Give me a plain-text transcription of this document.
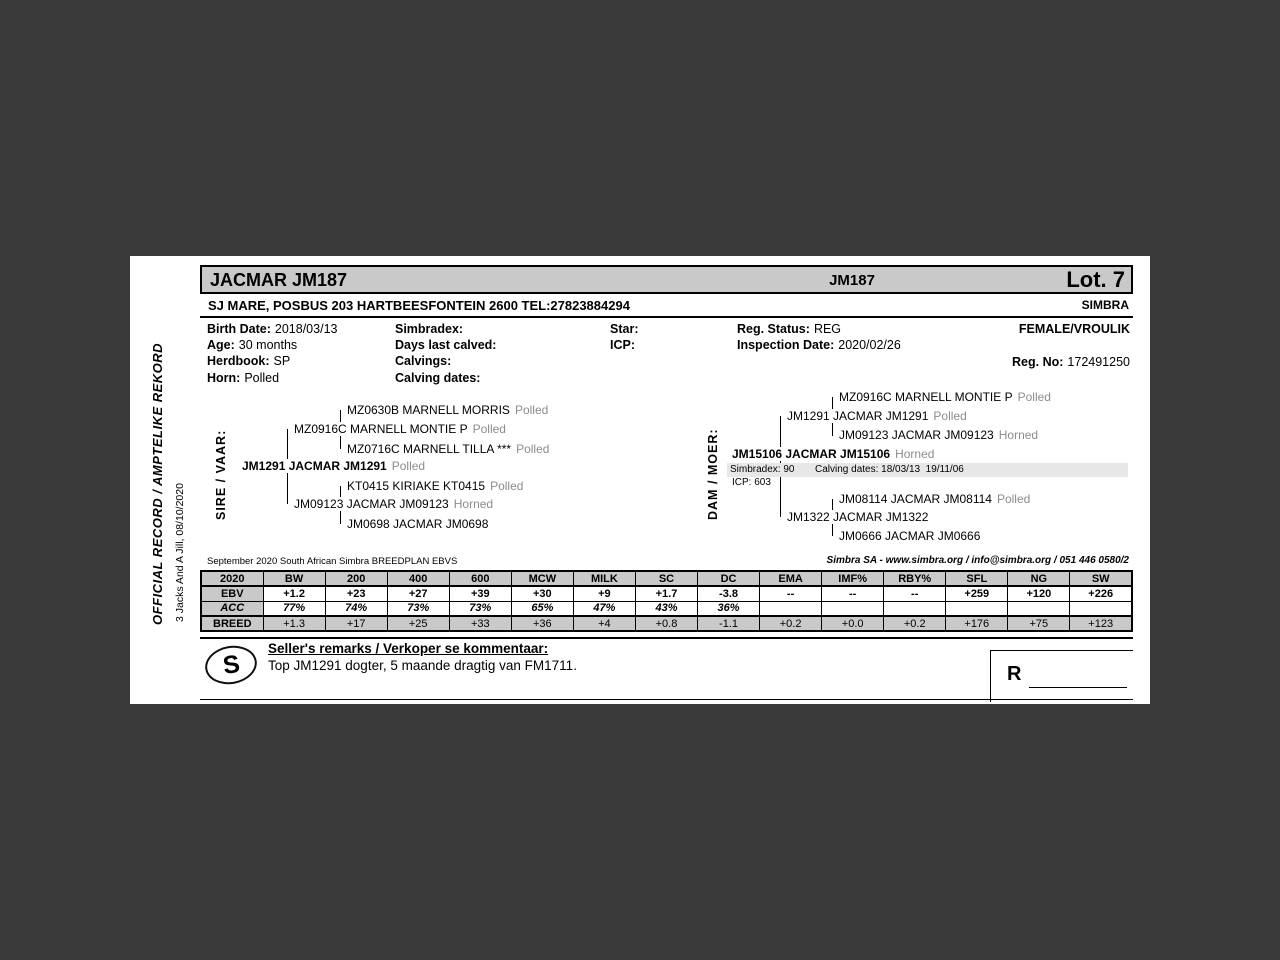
OFFICIAL RECORD / AMPTELIKE REKORD 3 Jacks And A Jill, 08/10/2020
JACMAR JM187	JM187	Lot. 7
SJ MARE, POSBUS 203 HARTBEESFONTEIN 2600 TEL:27823884294	SIMBRA
Birth Date: 2018/03/13
Age: 30 months
Herdbook: SP
Horn: Polled
Simbradex:
Days last calved:
Calvings:
Calving dates:
Star:
ICP:
Reg. Status: REG
Inspection Date: 2020/02/26
FEMALE/VROULIK
Reg. No: 172491250
SIRE / VAAR:
MZ0630B MARNELL MORRIS Polled
MZ0916C MARNELL MONTIE P Polled
MZ0716C MARNELL TILLA *** Polled
JM1291 JACMAR JM1291 Polled
KT0415 KIRIAKE KT0415 Polled
JM09123 JACMAR JM09123 Horned
JM0698 JACMAR JM0698
DAM / MOER:
MZ0916C MARNELL MONTIE P Polled
JM1291 JACMAR JM1291 Polled
JM09123 JACMAR JM09123 Horned
JM15106 JACMAR JM15106 Horned
Simbradex: 90 Calving dates: 18/03/13  19/11/06
ICP: 603
JM08114 JACMAR JM08114 Polled
JM1322 JACMAR JM1322
JM0666 JACMAR JM0666
September 2020 South African Simbra BREEDPLAN EBVS	Simbra SA - www.simbra.org / info@simbra.org / 051 446 0580/2
2020	BW	200	400	600	MCW	MILK	SC	DC	EMA	IMF%	RBY%	SFL	NG	SW
EBV	+1.2	+23	+27	+39	+30	+9	+1.7	-3.8	--	--	--	+259	+120	+226
ACC	77%	74%	73%	73%	65%	47%	43%	36%						
BREED	+1.3	+17	+25	+33	+36	+4	+0.8	-1.1	+0.2	+0.0	+0.2	+176	+75	+123
S
Seller's remarks / Verkoper se kommentaar:
Top JM1291 dogter, 5 maande dragtig van FM1711.	R
